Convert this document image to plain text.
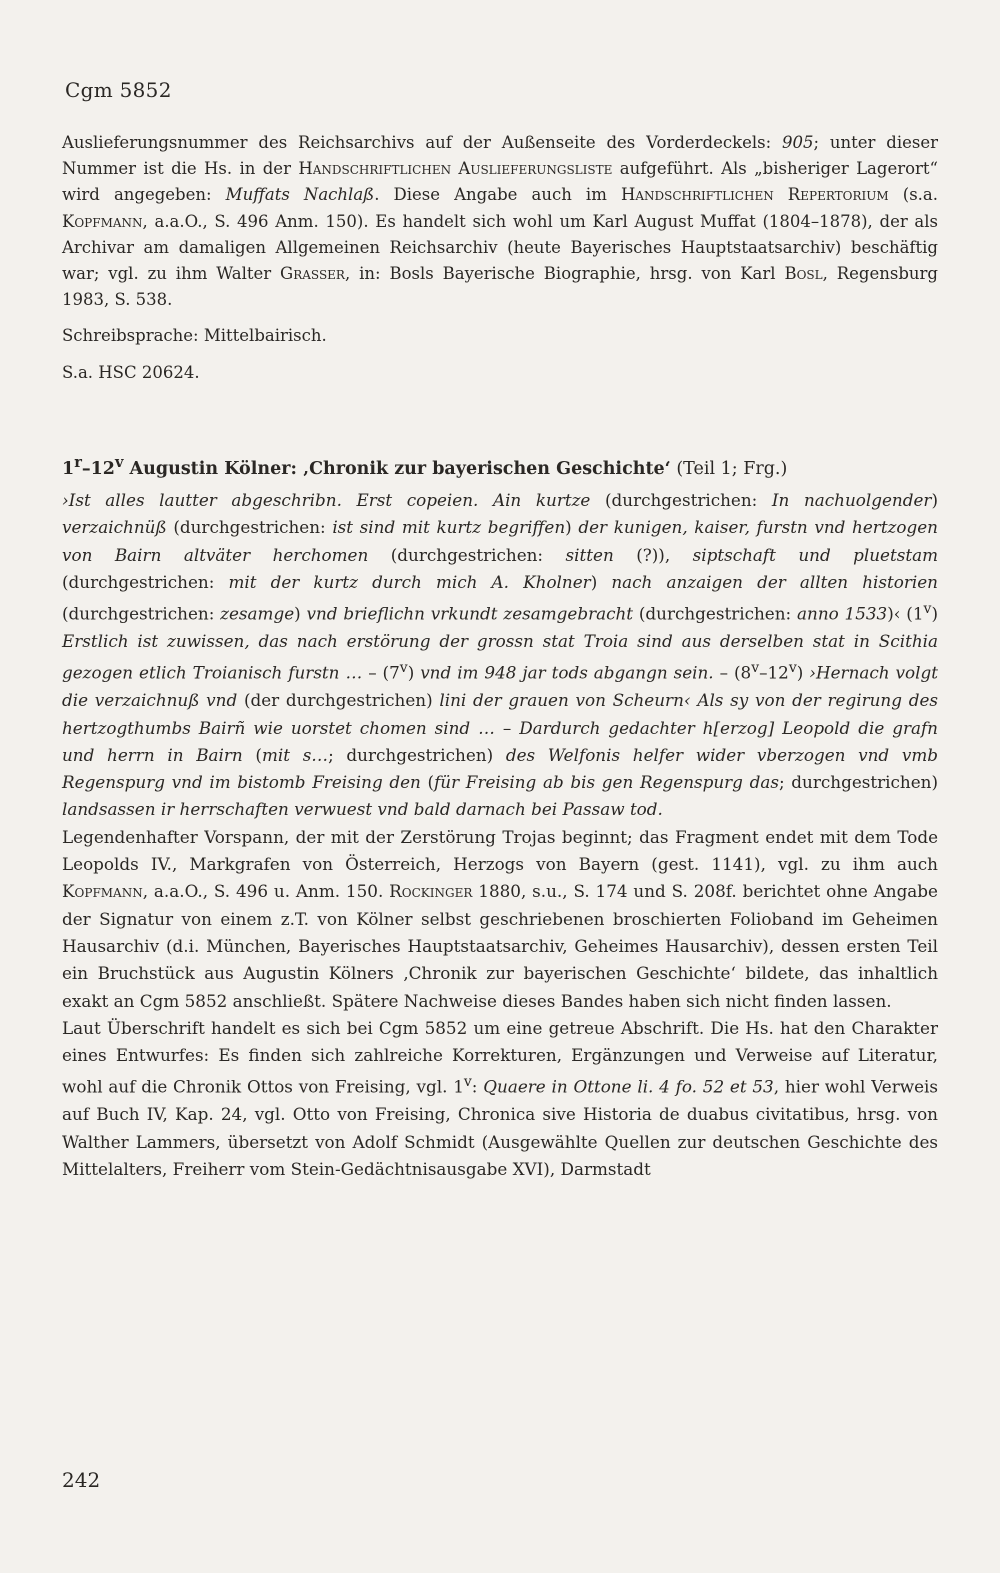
Cgm 5852

Auslieferungsnummer des Reichsarchivs auf der Außenseite des Vorderdeckels: 905; unter dieser Nummer ist die Hs. in der Handschriftlichen Auslieferungsliste aufgeführt. Als „bisheriger Lagerort“ wird angegeben: Muffats Nachlaß. Diese Angabe auch im Handschriftlichen Repertorium (s.a. Kopfmann, a.a.O., S. 496 Anm. 150). Es handelt sich wohl um Karl August Muffat (1804–1878), der als Archivar am damaligen Allgemeinen Reichsarchiv (heute Bayerisches Hauptstaatsarchiv) beschäftig war; vgl. zu ihm Walter Grasser, in: Bosls Bayerische Biographie, hrsg. von Karl Bosl, Regensburg 1983, S. 538.

Schreibsprache: Mittelbairisch.

S.a. HSC 20624.

1$^r$–12$^v$ Augustin Kölner: ‚Chronik zur bayerischen Geschichte‘ (Teil 1; Frg.)

›Ist alles lautter abgeschribn. Erst copeien. Ain kurtze (durchgestrichen: In nachuolgender) verzaichnüß (durchgestrichen: ist sind mit kurtz begriffen) der kunigen, kaiser, furstn vnd hertzogen von Bairn altväter herchomen (durchgestrichen: sitten (?)), siptschaft und pluetstam (durchgestrichen: mit der kurtz durch mich A. Kholner) nach anzaigen der allten historien (durchgestrichen: zesamge) vnd brieflichn vrkundt zesamgebracht (durchgestrichen: anno 1533)‹ (1$^v$) Erstlich ist zuwissen, das nach erstörung der grossn stat Troia sind aus derselben stat in Scithia gezogen etlich Troianisch furstn … – (7$^v$) vnd im 948 jar tods abgangn sein. – (8$^v$–12$^v$) ›Hernach volgt die verzaichnuß vnd (der durchgestrichen) lini der grauen von Scheurn‹ Als sy von der regirung des hertzogthumbs Bairñ wie uorstet chomen sind … – Dardurch gedachter h[erzog] Leopold die grafn und herrn in Bairn (mit s…; durchgestrichen) des Welfonis helfer wider vberzogen vnd vmb Regenspurg vnd im bistomb Freising den (für Freising ab bis gen Regenspurg das; durchgestrichen) landsassen ir herrschaften verwuest vnd bald darnach bei Passaw tod.

Legendenhafter Vorspann, der mit der Zerstörung Trojas beginnt; das Fragment endet mit dem Tode Leopolds IV., Markgrafen von Österreich, Herzogs von Bayern (gest. 1141), vgl. zu ihm auch Kopfmann, a.a.O., S. 496 u. Anm. 150. Rockinger 1880, s.u., S. 174 und S. 208f. berichtet ohne Angabe der Signatur von einem z.T. von Kölner selbst geschriebenen broschierten Folioband im Geheimen Hausarchiv (d.i. München, Bayerisches Hauptstaatsarchiv, Geheimes Hausarchiv), dessen ersten Teil ein Bruchstück aus Augustin Kölners ‚Chronik zur bayerischen Geschichte‘ bildete, das inhaltlich exakt an Cgm 5852 anschließt. Spätere Nachweise dieses Bandes haben sich nicht finden lassen.

Laut Überschrift handelt es sich bei Cgm 5852 um eine getreue Abschrift. Die Hs. hat den Charakter eines Entwurfes: Es finden sich zahlreiche Korrekturen, Ergänzungen und Verweise auf Literatur, wohl auf die Chronik Ottos von Freising, vgl. 1$^v$: Quaere in Ottone li. 4 fo. 52 et 53, hier wohl Verweis auf Buch IV, Kap. 24, vgl. Otto von Freising, Chronica sive Historia de duabus civitatibus, hrsg. von Walther Lammers, übersetzt von Adolf Schmidt (Ausgewählte Quellen zur deutschen Geschichte des Mittelalters, Freiherr vom Stein-Gedächtnisausgabe XVI), Darmstadt

242
